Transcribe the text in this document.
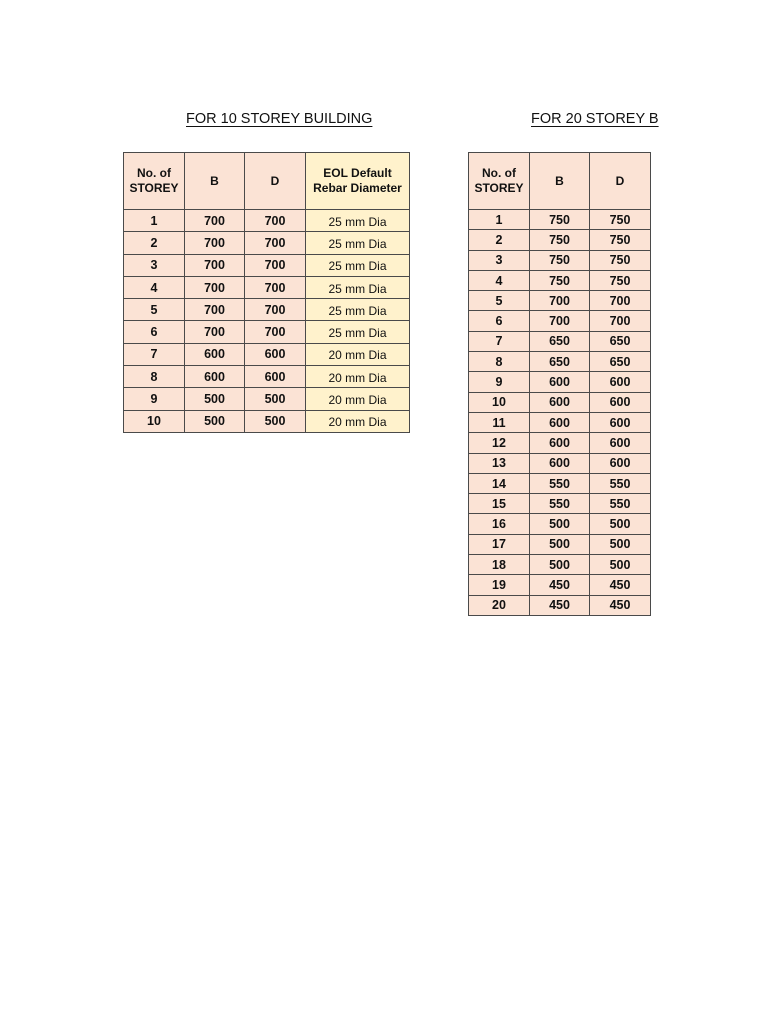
FOR 10 STOREY BUILDING	FOR 20 STOREY B
No. of
STOREY	B	D	EOL Default
Rebar Diameter

1	700	700	25 mm Dia
2	700	700	25 mm Dia
3	700	700	25 mm Dia
4	700	700	25 mm Dia
5	700	700	25 mm Dia
6	700	700	25 mm Dia
7	600	600	20 mm Dia
8	600	600	20 mm Dia
9	500	500	20 mm Dia
10	500	500	20 mm Dia
No. of
STOREY	B	D
1	750	750
2	750	750
3	750	750
4	750	750
5	700	700
6	700	700
7	650	650
8	650	650
9	600	600
10	600	600
11	600	600
12	600	600
13	600	600
14	550	550
15	550	550
16	500	500
17	500	500
18	500	500
19	450	450
20	450	450
